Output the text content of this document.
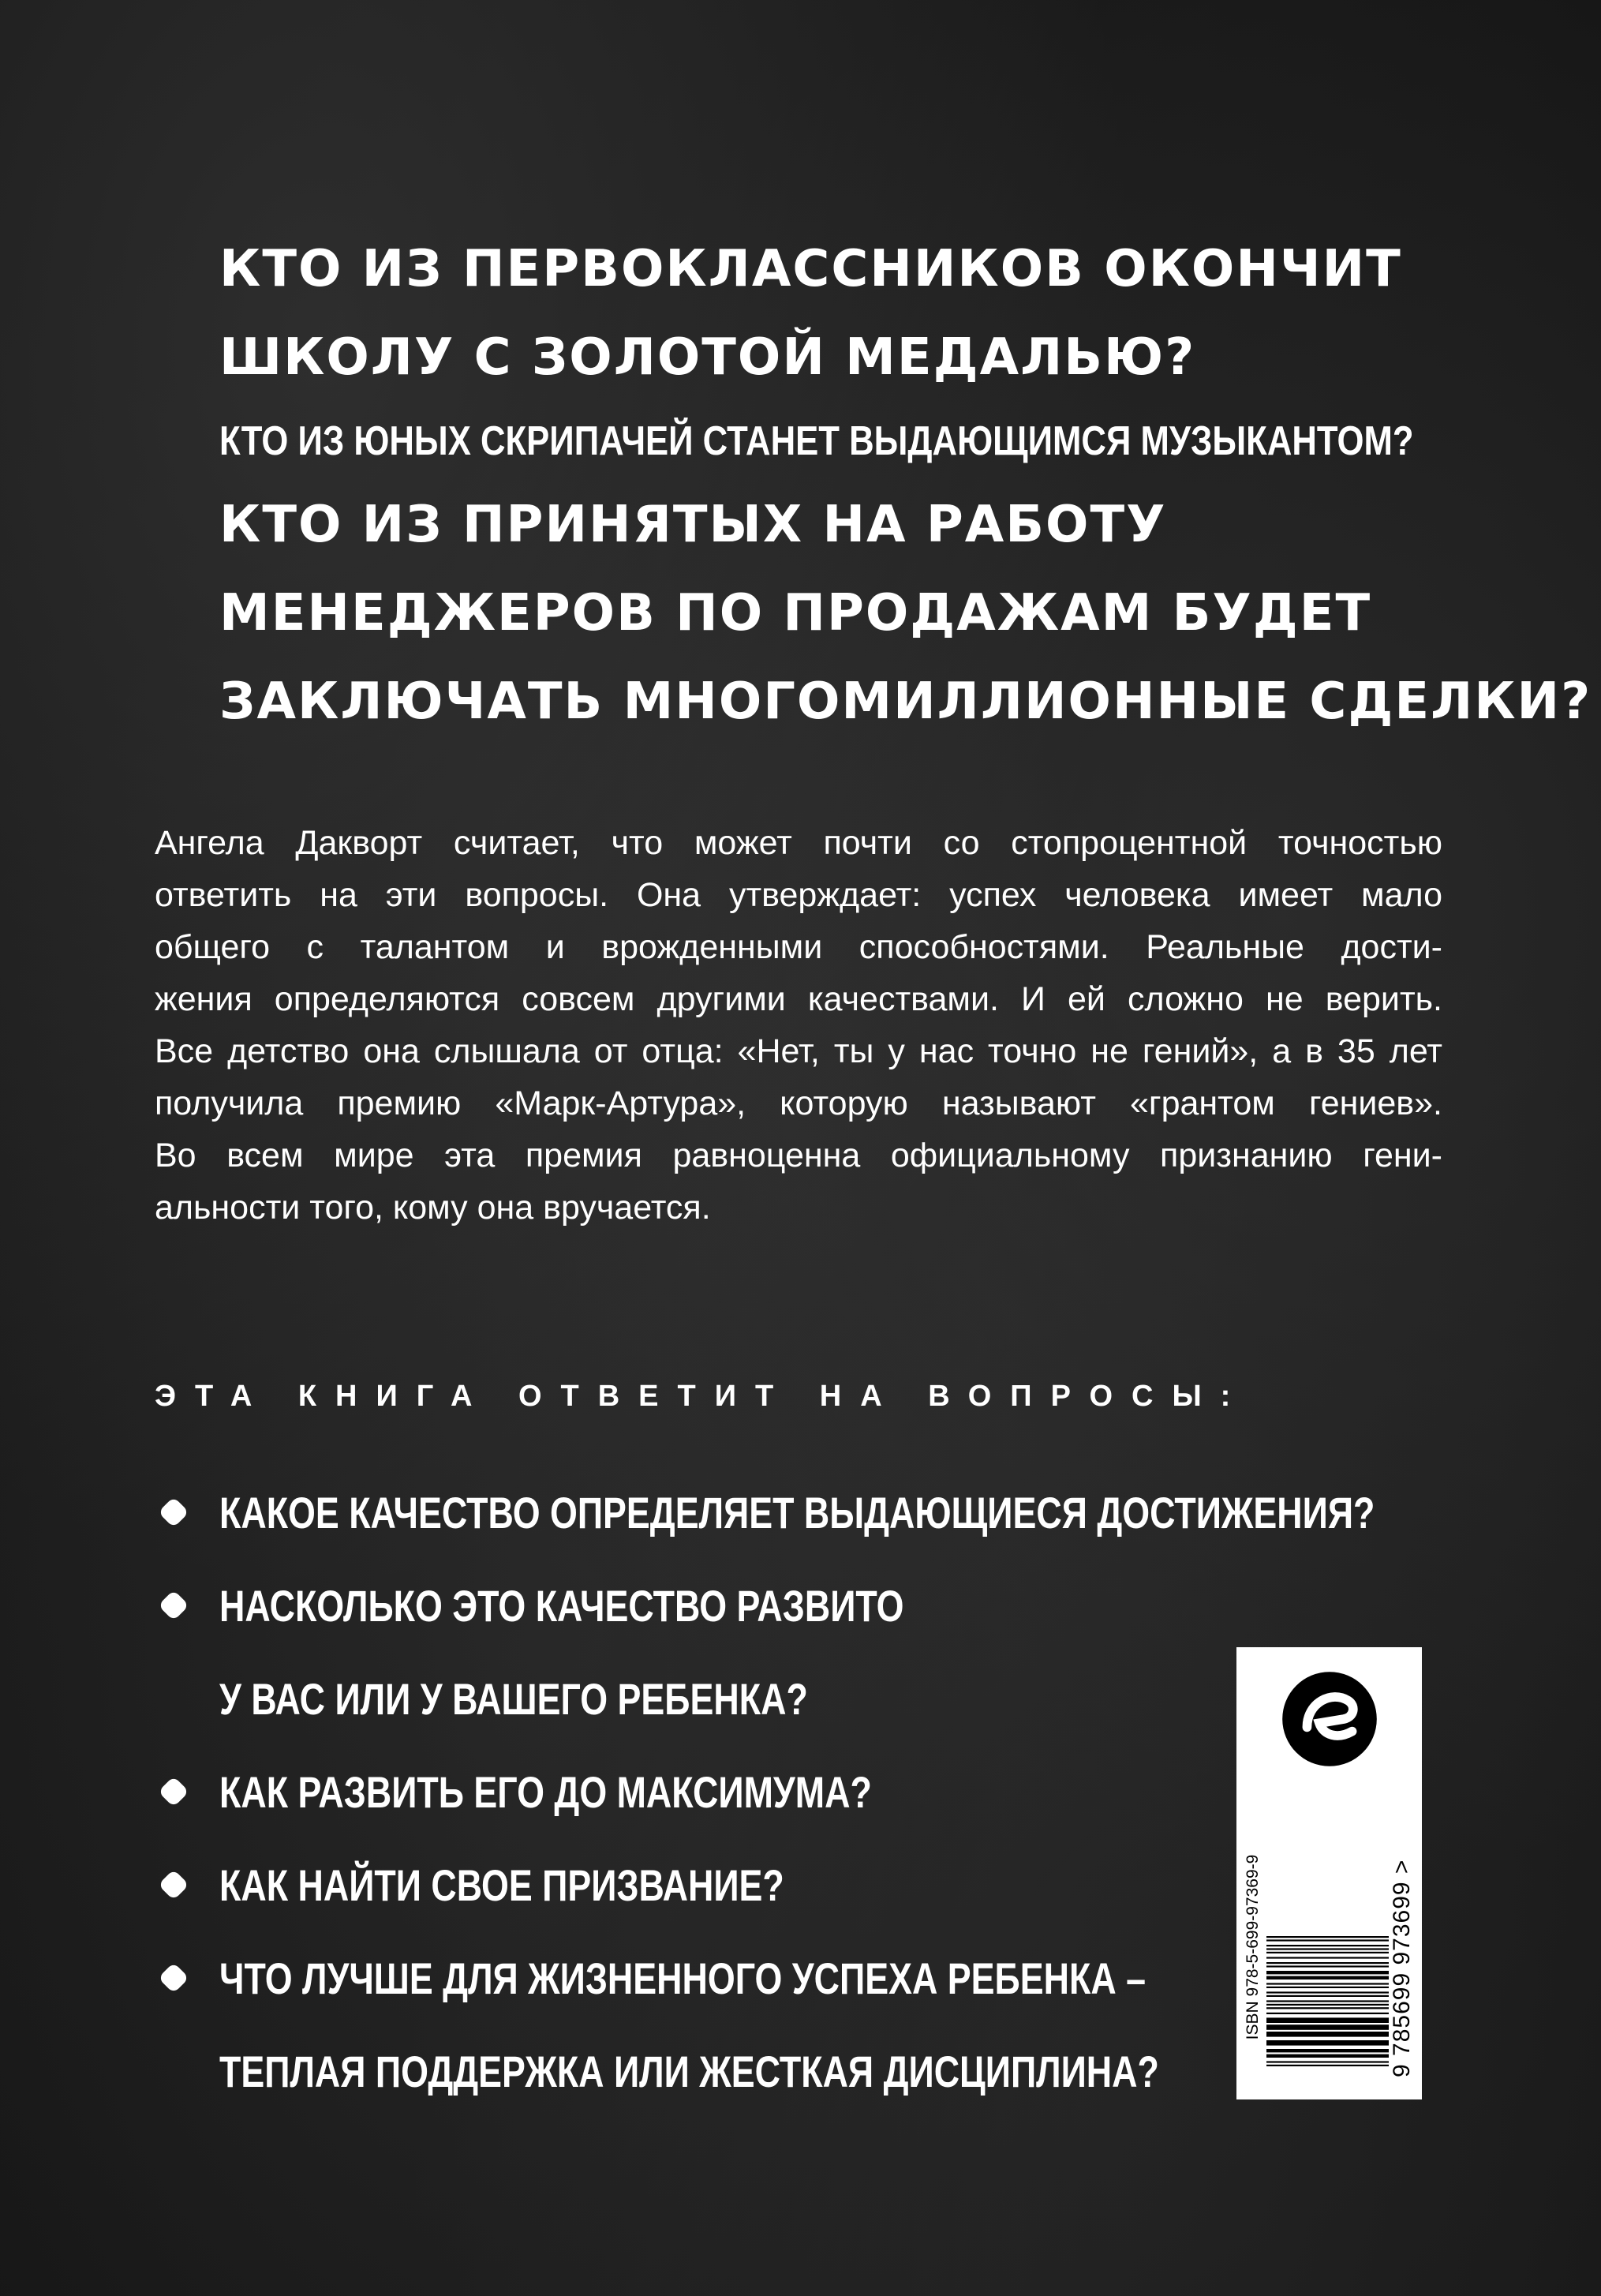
КТО ИЗ ПЕРВОКЛАССНИКОВ ОКОНЧИТ
ШКОЛУ С ЗОЛОТОЙ МЕДАЛЬЮ?
КТО ИЗ ЮНЫХ СКРИПАЧЕЙ СТАНЕТ ВЫДАЮЩИМСЯ МУЗЫКАНТОМ?
КТО ИЗ ПРИНЯТЫХ НА РАБОТУ
МЕНЕДЖЕРОВ ПО ПРОДАЖАМ БУДЕТ
ЗАКЛЮЧАТЬ МНОГОМИЛЛИОННЫЕ СДЕЛКИ?
Ангела Дакворт считает, что может почти со стопроцентной точностью
ответить на эти вопросы. Она утверждает: успех человека имеет мало
общего с талантом и врожденными способностями. Реальные дости-
жения определяются совсем другими качествами. И ей сложно не верить.
Все детство она слышала от отца: «Нет, ты у нас точно не гений», а в 35 лет
получила премию «Марк-Артура», которую называют «грантом гениев».
Во всем мире эта премия равноценна официальному признанию гени-
альности того, кому она вручается.
ЭТА КНИГА ОТВЕТИТ НА ВОПРОСЫ:
КАКОЕ КАЧЕСТВО ОПРЕДЕЛЯЕТ ВЫДАЮЩИЕСЯ ДОСТИЖЕНИЯ?
НАСКОЛЬКО ЭТО КАЧЕСТВО РАЗВИТО
У ВАС ИЛИ У ВАШЕГО РЕБЕНКА?
КАК РАЗВИТЬ ЕГО ДО МАКСИМУМА?
КАК НАЙТИ СВОЕ ПРИЗВАНИЕ?
ЧТО ЛУЧШЕ ДЛЯ ЖИЗНЕННОГО УСПЕХА РЕБЕНКА –
ТЕПЛАЯ ПОДДЕРЖКА ИЛИ ЖЕСТКАЯ ДИСЦИПЛИНА?
ISBN 978-5-699-97369-9	9 785699 973699 >
